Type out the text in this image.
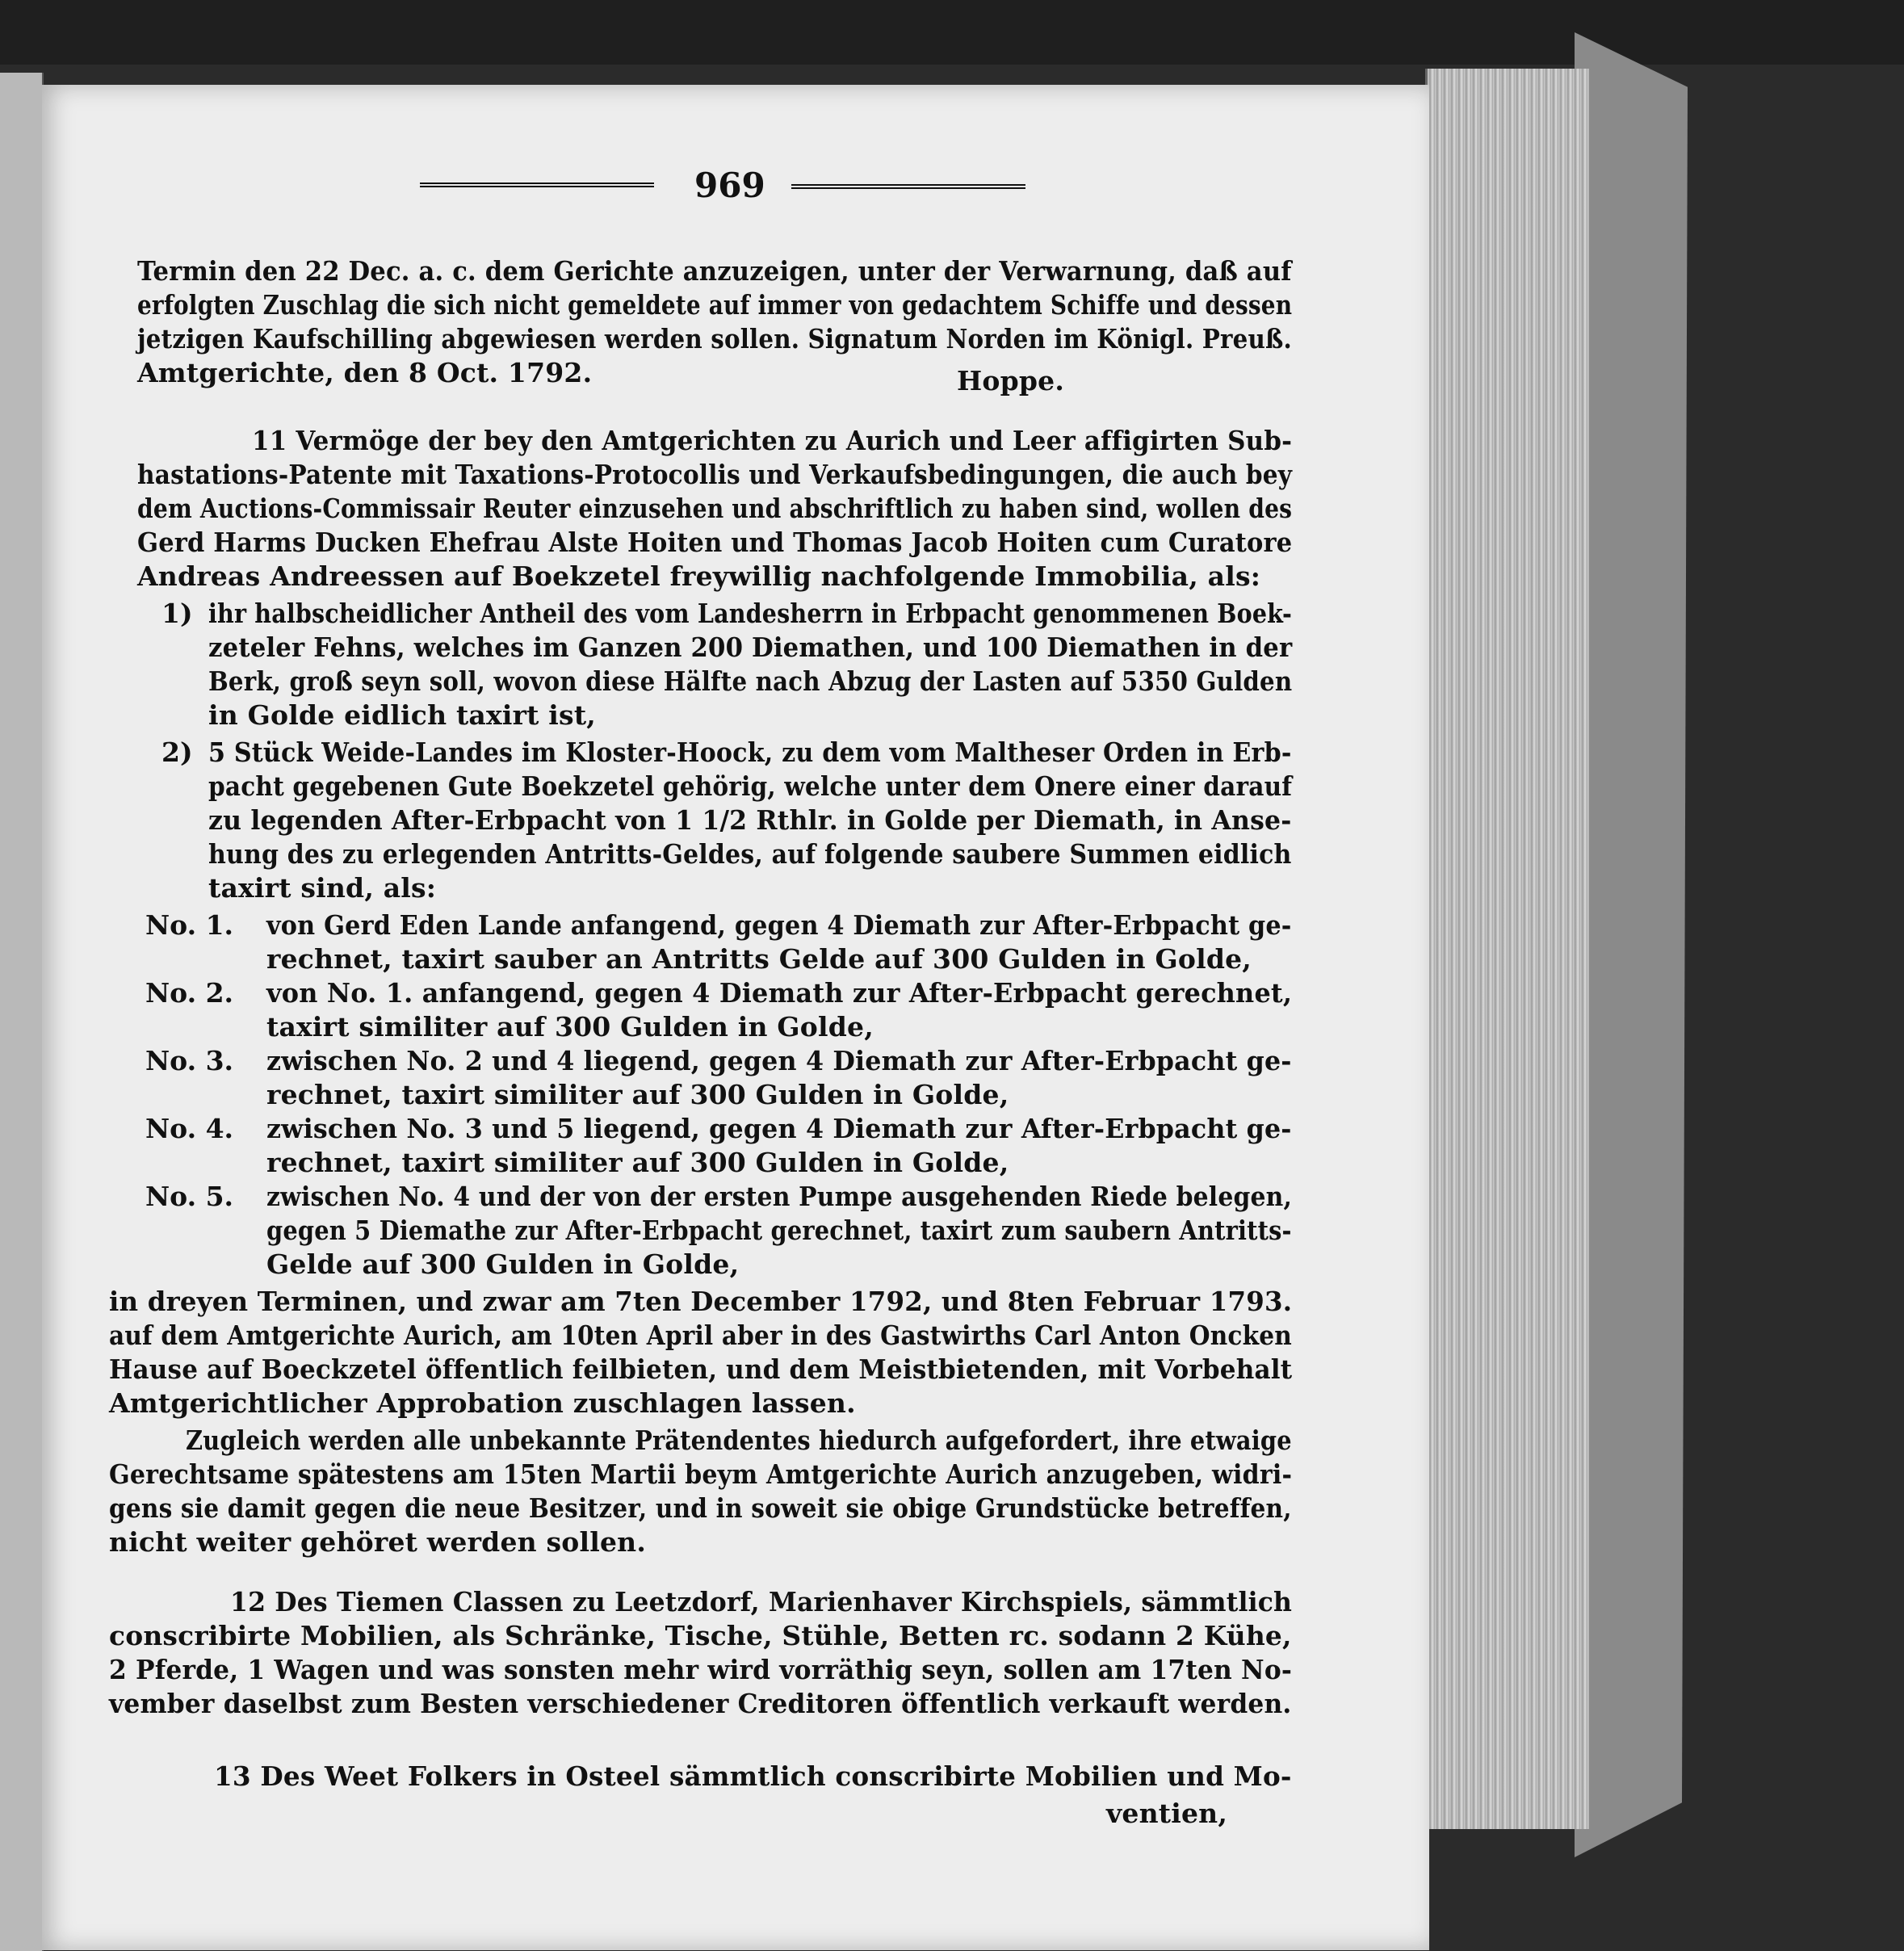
969
Termin den 22 Dec. a. c. dem Gerichte anzuzeigen, unter der Verwarnung, daß auf
erfolgten Zuschlag die sich nicht gemeldete auf immer von gedachtem Schiffe und dessen
jetzigen Kaufschilling abgewiesen werden sollen. Signatum Norden im Königl. Preuß.
Amtgerichte, den 8 Oct. 1792.	Hoppe.
11 Vermöge der bey den Amtgerichten zu Aurich und Leer affigirten Sub-
hastations-Patente mit Taxations-Protocollis und Verkaufsbedingungen, die auch bey
dem Auctions-Commissair Reuter einzusehen und abschriftlich zu haben sind, wollen des
Gerd Harms Ducken Ehefrau Alste Hoiten und Thomas Jacob Hoiten cum Curatore
Andreas Andreessen auf Boekzetel freywillig nachfolgende Immobilia, als:
1) ihr halbscheidlicher Antheil des vom Landesherrn in Erbpacht genommenen Boek-
zeteler Fehns, welches im Ganzen 200 Diemathen, und 100 Diemathen in der
Berk, groß seyn soll, wovon diese Hälfte nach Abzug der Lasten auf 5350 Gulden
in Golde eidlich taxirt ist,
2) 5 Stück Weide-Landes im Kloster-Hoock, zu dem vom Maltheser Orden in Erb-
pacht gegebenen Gute Boekzetel gehörig, welche unter dem Onere einer darauf
zu legenden After-Erbpacht von 1 1/2 Rthlr. in Golde per Diemath, in Anse-
hung des zu erlegenden Antritts-Geldes, auf folgende saubere Summen eidlich
taxirt sind, als:
No. 1. von Gerd Eden Lande anfangend, gegen 4 Diemath zur After-Erbpacht ge-
rechnet, taxirt sauber an Antritts Gelde auf 300 Gulden in Golde,
No. 2. von No. 1. anfangend, gegen 4 Diemath zur After-Erbpacht gerechnet,
taxirt similiter auf 300 Gulden in Golde,
No. 3. zwischen No. 2 und 4 liegend, gegen 4 Diemath zur After-Erbpacht ge-
rechnet, taxirt similiter auf 300 Gulden in Golde,
No. 4. zwischen No. 3 und 5 liegend, gegen 4 Diemath zur After-Erbpacht ge-
rechnet, taxirt similiter auf 300 Gulden in Golde,
No. 5. zwischen No. 4 und der von der ersten Pumpe ausgehenden Riede belegen,
gegen 5 Diemathe zur After-Erbpacht gerechnet, taxirt zum saubern Antritts-
Gelde auf 300 Gulden in Golde,
in dreyen Terminen, und zwar am 7ten December 1792, und 8ten Februar 1793.
auf dem Amtgerichte Aurich, am 10ten April aber in des Gastwirths Carl Anton Oncken
Hause auf Boeckzetel öffentlich feilbieten, und dem Meistbietenden, mit Vorbehalt
Amtgerichtlicher Approbation zuschlagen lassen.
Zugleich werden alle unbekannte Prätendentes hiedurch aufgefordert, ihre etwaige
Gerechtsame spätestens am 15ten Martii beym Amtgerichte Aurich anzugeben, widri-
gens sie damit gegen die neue Besitzer, und in soweit sie obige Grundstücke betreffen,
nicht weiter gehöret werden sollen.
12 Des Tiemen Classen zu Leetzdorf, Marienhaver Kirchspiels, sämmtlich
conscribirte Mobilien, als Schränke, Tische, Stühle, Betten rc. sodann 2 Kühe,
2 Pferde, 1 Wagen und was sonsten mehr wird vorräthig seyn, sollen am 17ten No-
vember daselbst zum Besten verschiedener Creditoren öffentlich verkauft werden.
13 Des Weet Folkers in Osteel sämmtlich conscribirte Mobilien und Mo-
ventien,
